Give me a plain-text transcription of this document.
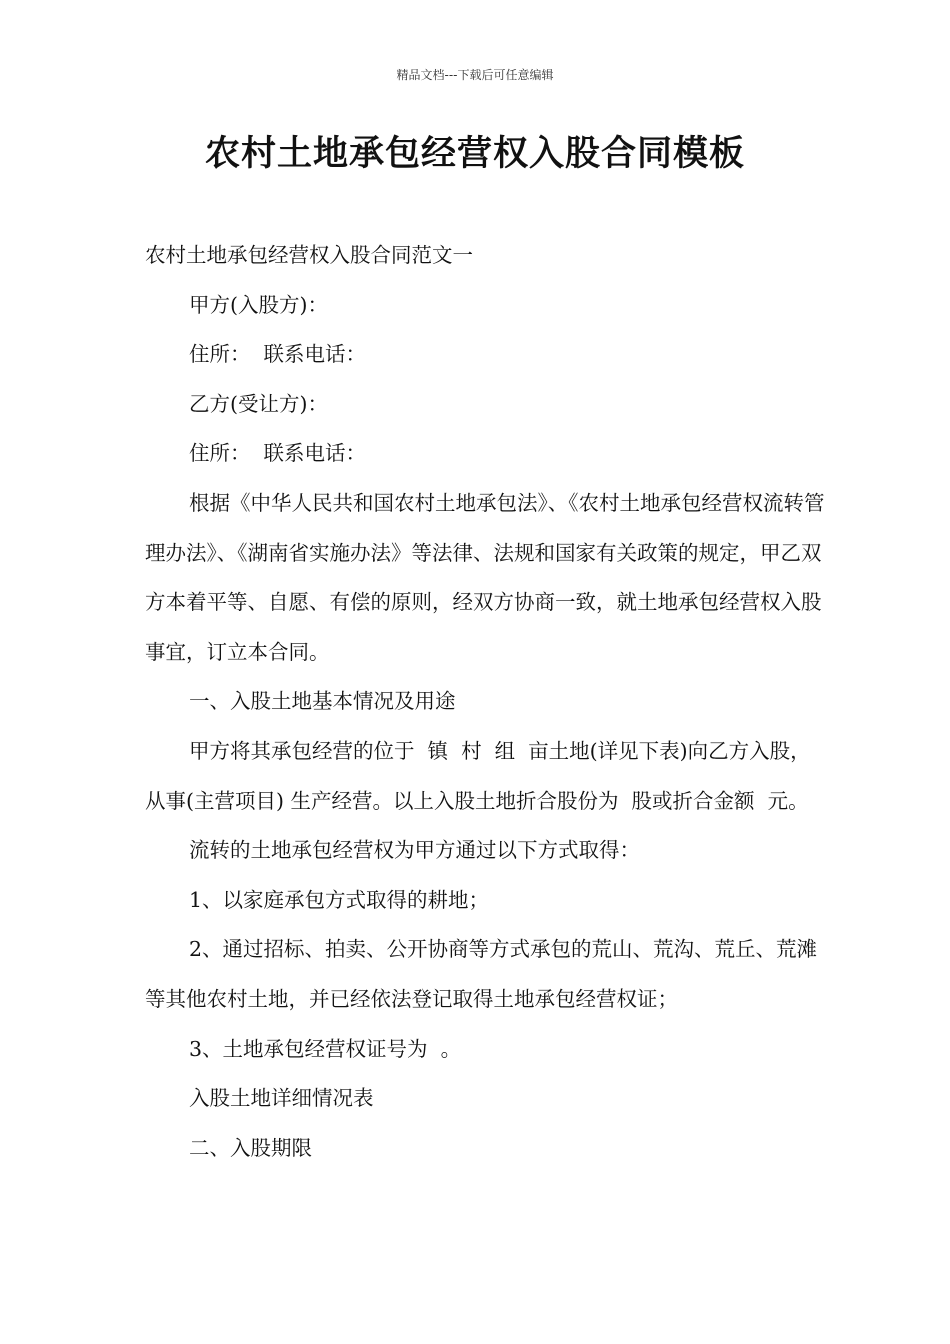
精品文档---下载后可任意编辑
农村土地承包经营权入股合同模板

农村土地承包经营权入股合同范文一

甲方(入股方)：

住所：  联系电话：

乙方(受让方)：

住所：  联系电话：

根据《中华人民共和国农村土地承包法》、《农村土地承包经营权流转管理办法》、《湖南省实施办法》等法律、法规和国家有关政策的规定，甲乙双方本着平等、自愿、有偿的原则，经双方协商一致，就土地承包经营权入股事宜，订立本合同。

一、入股土地基本情况及用途

甲方将其承包经营的位于  镇  村  组  亩土地(详见下表)向乙方入股，从事(主营项目) 生产经营。以上入股土地折合股份为  股或折合金额  元。

流转的土地承包经营权为甲方通过以下方式取得：

1、以家庭承包方式取得的耕地；

2、通过招标、拍卖、公开协商等方式承包的荒山、荒沟、荒丘、荒滩等其他农村土地，并已经依法登记取得土地承包经营权证；

3、土地承包经营权证号为  。

入股土地详细情况表

二、入股期限
